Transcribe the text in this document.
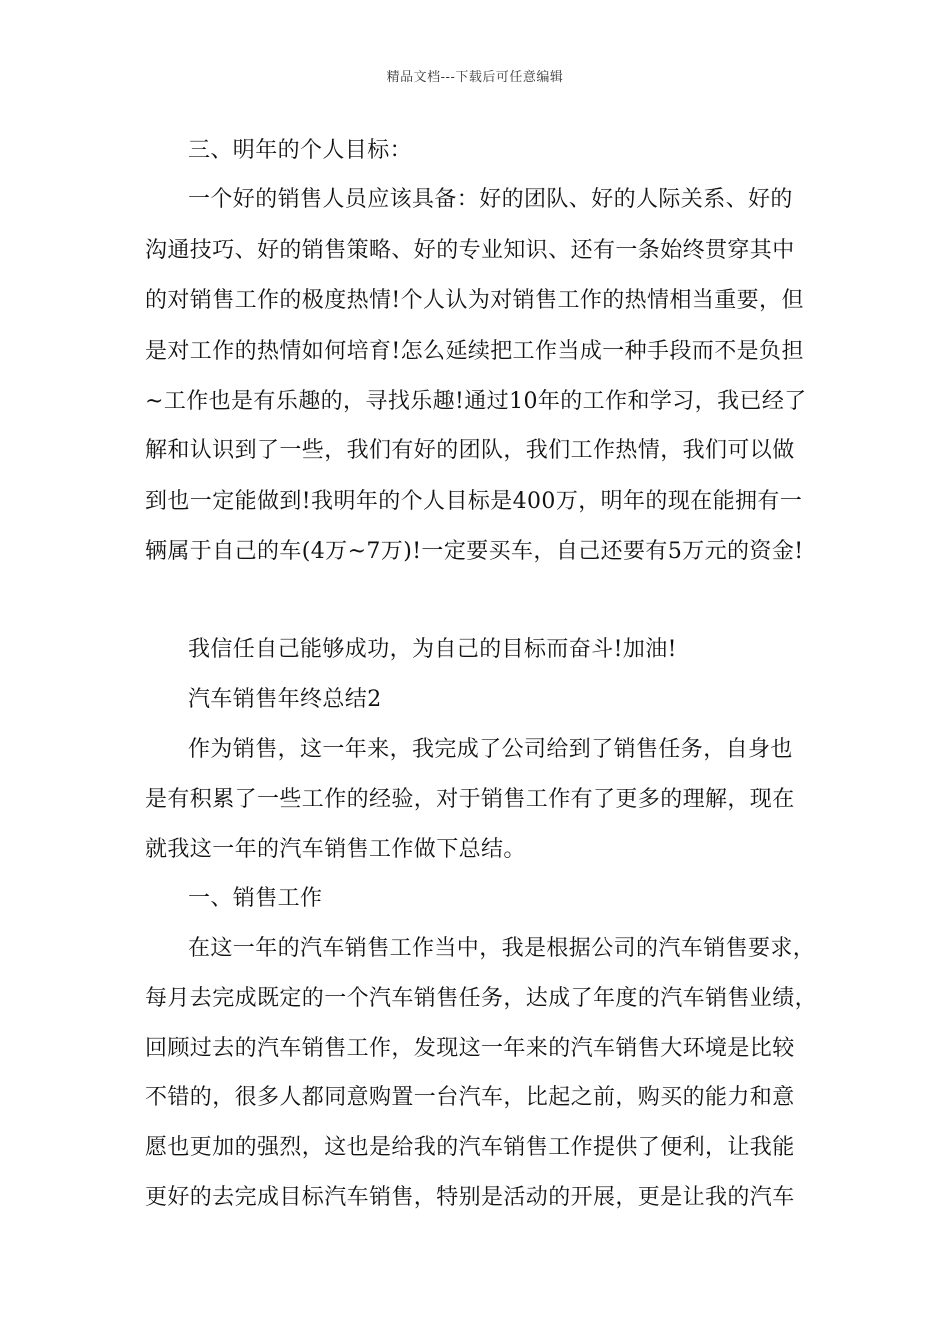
精品文档---下载后可任意编辑
三、明年的个人目标：
一个好的销售人员应该具备：好的团队、好的人际关系、好的
沟通技巧、好的销售策略、好的专业知识、还有一条始终贯穿其中
的对销售工作的极度热情!个人认为对销售工作的热情相当重要，但
是对工作的热情如何培育!怎么延续把工作当成一种手段而不是负担
~工作也是有乐趣的，寻找乐趣!通过10年的工作和学习，我已经了
解和认识到了一些，我们有好的团队，我们工作热情，我们可以做
到也一定能做到!我明年的个人目标是400万，明年的现在能拥有一
辆属于自己的车(4万~7万)!一定要买车，自己还要有5万元的资金!
我信任自己能够成功，为自己的目标而奋斗!加油!
汽车销售年终总结2
作为销售，这一年来，我完成了公司给到了销售任务，自身也
是有积累了一些工作的经验，对于销售工作有了更多的理解，现在
就我这一年的汽车销售工作做下总结。
一、销售工作
在这一年的汽车销售工作当中，我是根据公司的汽车销售要求，
每月去完成既定的一个汽车销售任务，达成了年度的汽车销售业绩，
回顾过去的汽车销售工作，发现这一年来的汽车销售大环境是比较
不错的，很多人都同意购置一台汽车，比起之前，购买的能力和意
愿也更加的强烈，这也是给我的汽车销售工作提供了便利，让我能
更好的去完成目标汽车销售，特别是活动的开展，更是让我的汽车
